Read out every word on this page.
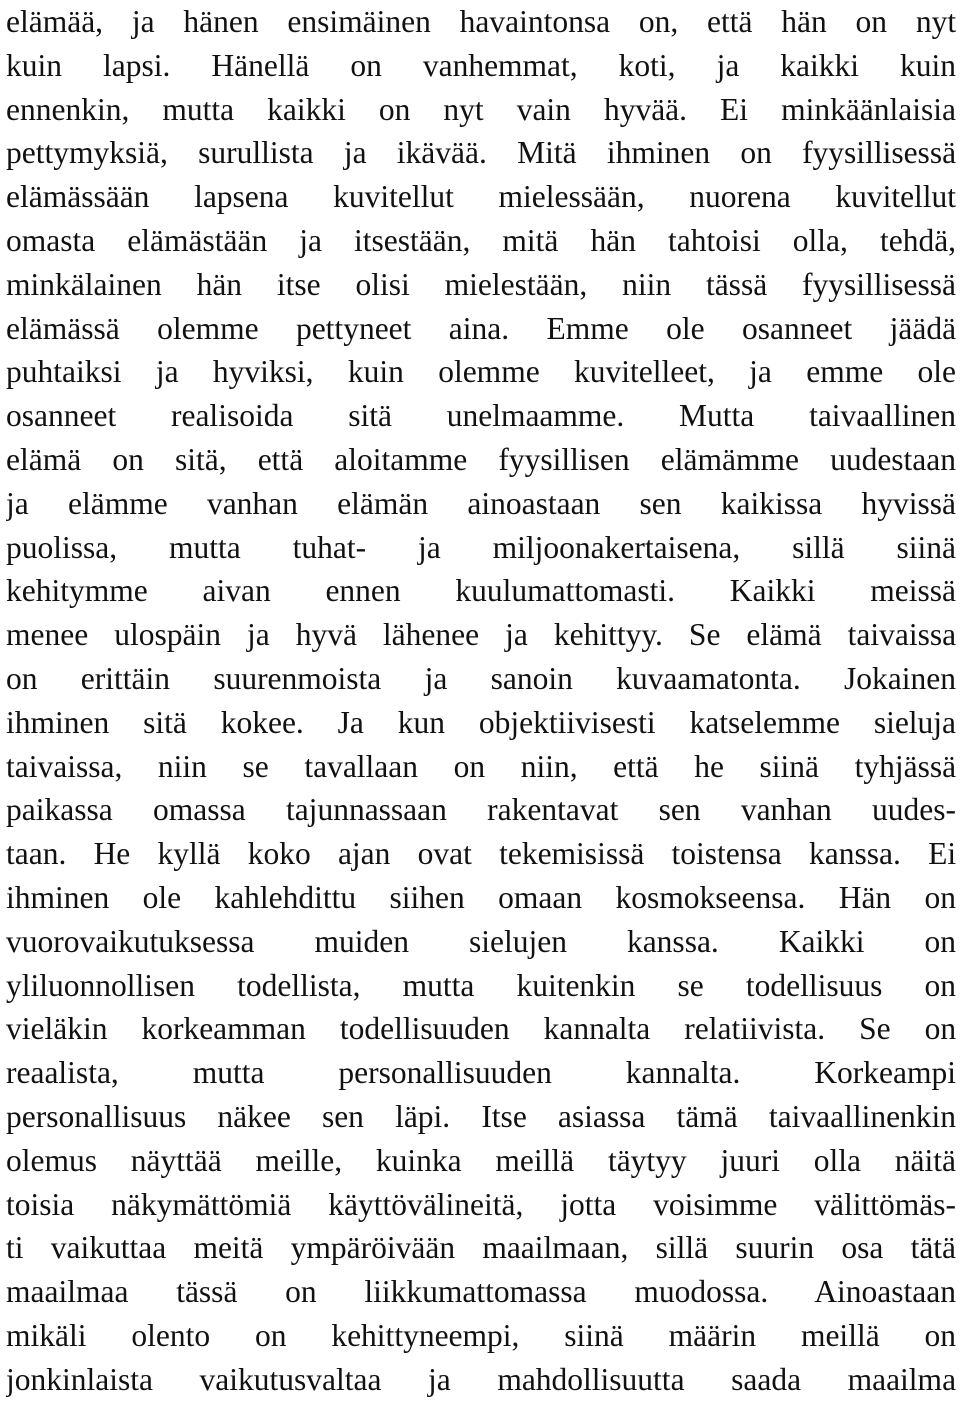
elämää, ja hänen ensimäinen havaintonsa on, että hän on nyt
kuin lapsi. Hänellä on vanhemmat, koti, ja kaikki kuin
ennenkin, mutta kaikki on nyt vain hyvää. Ei minkäänlaisia
pettymyksiä, surullista ja ikävää. Mitä ihminen on fyysillisessä
elämässään lapsena kuvitellut mielessään, nuorena kuvitellut
omasta elämästään ja itsestään, mitä hän tahtoisi olla, tehdä,
minkälainen hän itse olisi mielestään, niin tässä fyysillisessä
elämässä olemme pettyneet aina. Emme ole osanneet jäädä
puhtaiksi ja hyviksi, kuin olemme kuvitelleet, ja emme ole
osanneet realisoida sitä unelmaamme. Mutta taivaallinen
elämä on sitä, että aloitamme fyysillisen elämämme uudestaan
ja elämme vanhan elämän ainoastaan sen kaikissa hyvissä
puolissa, mutta tuhat- ja miljoonakertaisena, sillä siinä
kehitymme aivan ennen kuulumattomasti. Kaikki meissä
menee ulospäin ja hyvä lähenee ja kehittyy. Se elämä taivaissa
on erittäin suurenmoista ja sanoin kuvaamatonta. Jokainen
ihminen sitä kokee. Ja kun objektiivisesti katselemme sieluja
taivaissa, niin se tavallaan on niin, että he siinä tyhjässä
paikassa omassa tajunnassaan rakentavat sen vanhan uudes-
taan. He kyllä koko ajan ovat tekemisissä toistensa kanssa. Ei
ihminen ole kahlehdittu siihen omaan kosmokseensa. Hän on
vuorovaikutuksessa muiden sielujen kanssa. Kaikki on
yliluonnollisen todellista, mutta kuitenkin se todellisuus on
vieläkin korkeamman todellisuuden kannalta relatiivista. Se on
reaalista, mutta personallisuuden kannalta. Korkeampi
personallisuus näkee sen läpi. Itse asiassa tämä taivaallinenkin
olemus näyttää meille, kuinka meillä täytyy juuri olla näitä
toisia näkymättömiä käyttövälineitä, jotta voisimme välittömäs-
ti vaikuttaa meitä ympäröivään maailmaan, sillä suurin osa tätä
maailmaa tässä on liikkumattomassa muodossa. Ainoastaan
mikäli olento on kehittyneempi, siinä määrin meillä on
jonkinlaista vaikutusvaltaa ja mahdollisuutta saada maailma
